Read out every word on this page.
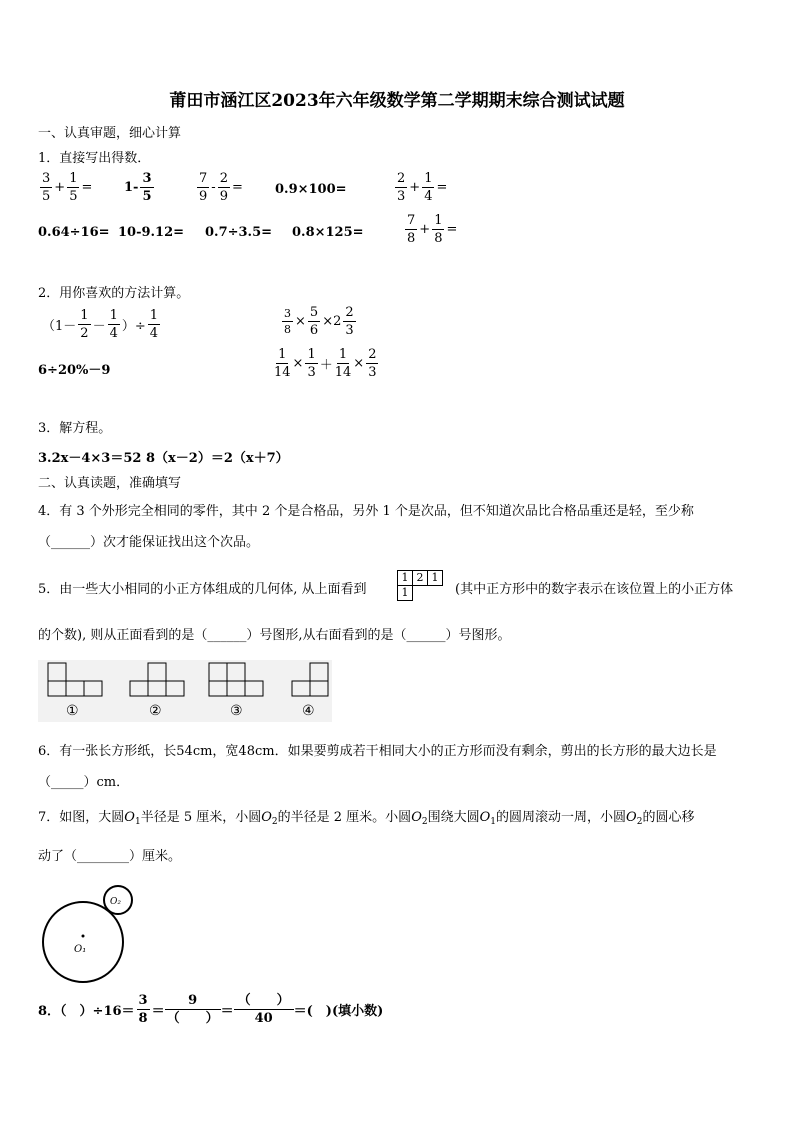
莆田市涵江区2023年六年级数学第二学期期末综合测试试题
一、认真审题，细心计算
1．直接写出得数．
$\frac{3}{5} + \frac{1}{5} = 1- \frac{3}{5}$	$\frac{7}{9} - \frac{2}{9} = 0.9\times 100=$	$\frac{2}{3} + \frac{1}{4}$ =
0.64÷16= 10-9.12= 0.7÷3.5= 0.8×125=	$\frac{7}{8} + \frac{1}{8}$ =
2．用你喜欢的方法计算。
（$1- \frac{1}{2} - \frac{1}{4}$ ）÷ $\frac{1}{4}$	$\frac{3}{8} \times \frac{5}{6} \times 2 \frac{2}{3}$
6÷20%－9	$\frac{1}{14} \times \frac{1}{3} + \frac{1}{14} \times \frac{2}{3}$
3．解方程。
3.2x－4×3＝52 8（x－2）＝2（x＋7）
二、认真读题，准确填写
4．有 3 个外形完全相同的零件，其中 2 个是合格品，另外 1 个是次品，但不知道次品比合格品重还是轻，至少称
（______）次才能保证找出这个次品。
5．由一些大小相同的小正方体组成的几何体, 从上面看到
1	2	1
1			(其中正方形中的数字表示在该位置上的小正方体
的个数), 则从正面看到的是（______）号图形,从右面看到的是（______）号图形。
①	②	③	④
6．有一张长方形纸，长54cm，宽48cm．如果要剪成若干相同大小的正方形而没有剩余，剪出的长方形的最大边长是
（_____）cm．
7．如图，大圆$O_1$半径是 5 厘米，小圆$O_2$的半径是 2 厘米。小圆$O_2$围绕大圆$O_1$的圆周滚动一周，小圆$O_2$的圆心移
动了（________）厘米。
O₁
O₂
8．（　）$\div 16= \frac{3}{8} = \frac{9}{( )} = \frac{( )}{40}$ ＝(　)(填小数)
